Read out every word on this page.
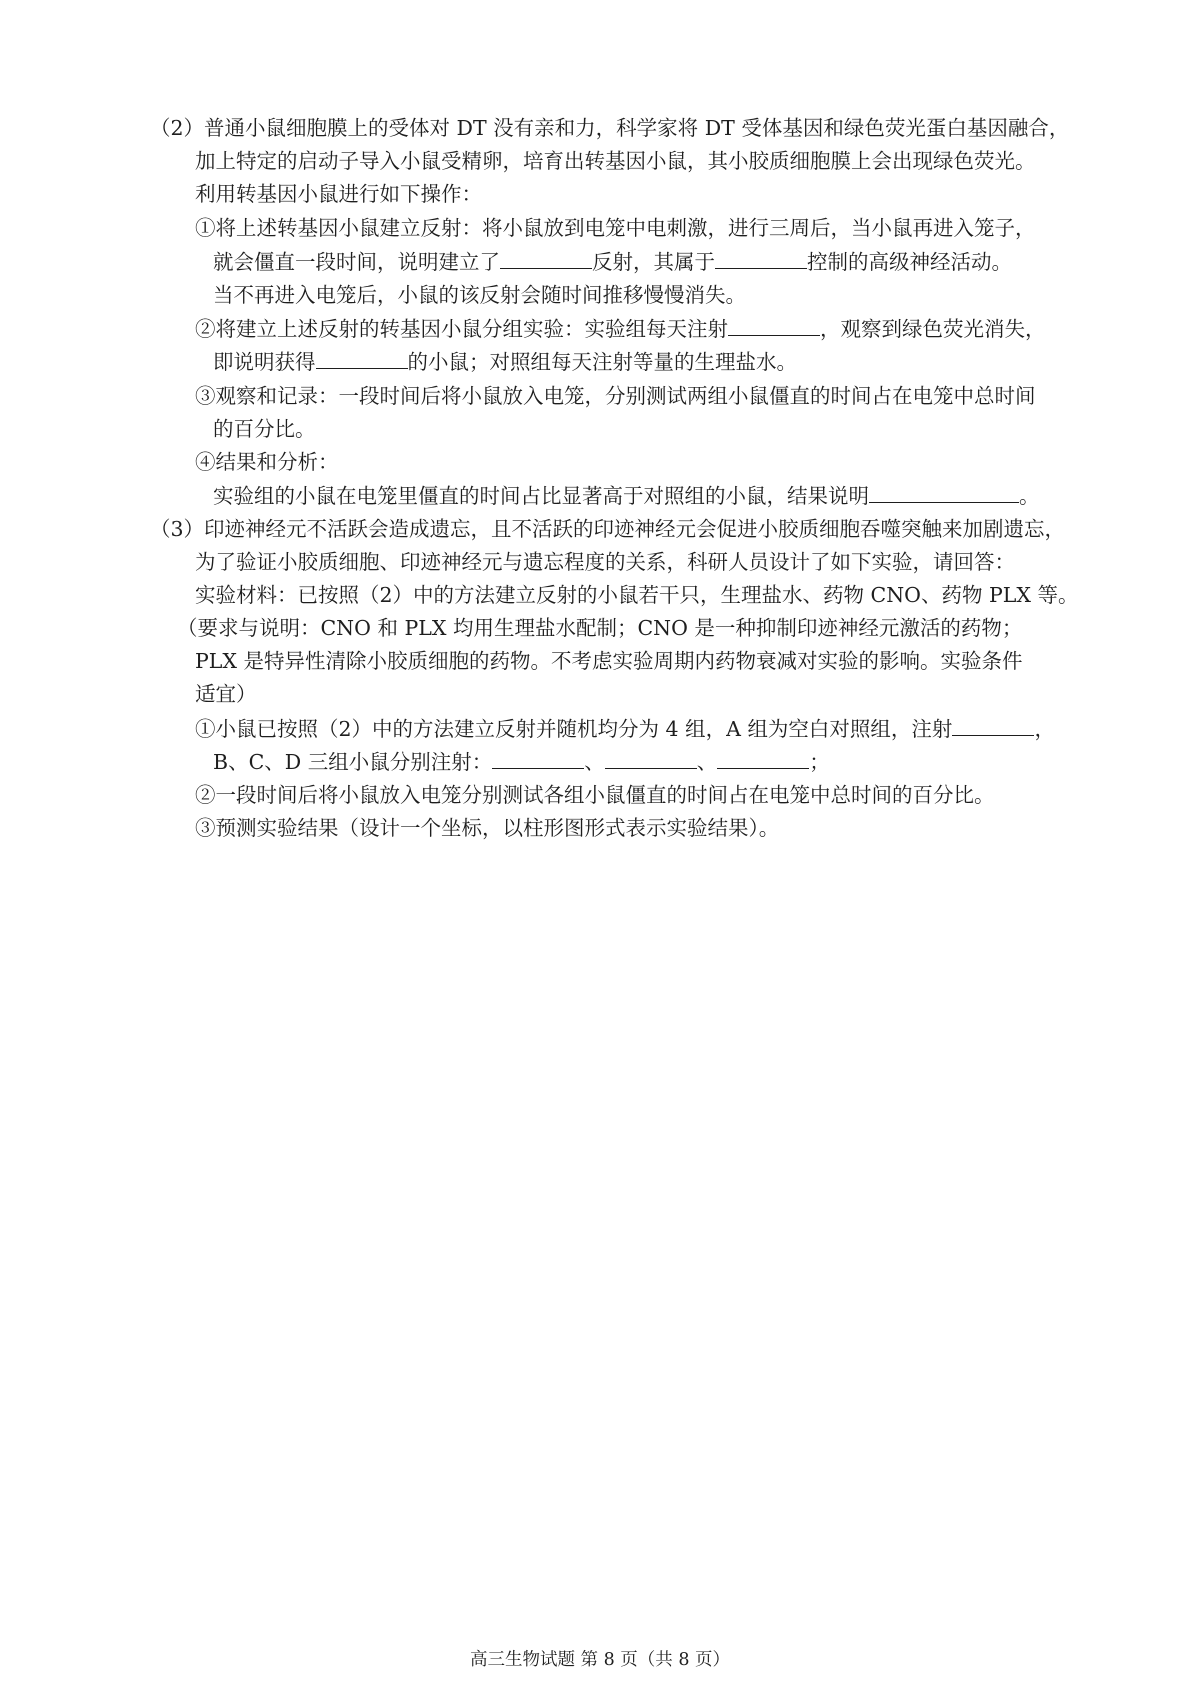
（2）普通小鼠细胞膜上的受体对 DT 没有亲和力，科学家将 DT 受体基因和绿色荧光蛋白基因融合，
加上特定的启动子导入小鼠受精卵，培育出转基因小鼠，其小胶质细胞膜上会出现绿色荧光。
利用转基因小鼠进行如下操作：
①将上述转基因小鼠建立反射：将小鼠放到电笼中电刺激，进行三周后，当小鼠再进入笼子，
就会僵直一段时间，说明建立了	反射，其属于	控制的高级神经活动。
当不再进入电笼后，小鼠的该反射会随时间推移慢慢消失。
②将建立上述反射的转基因小鼠分组实验：实验组每天注射	，观察到绿色荧光消失，
即说明获得	的小鼠；对照组每天注射等量的生理盐水。
③观察和记录：一段时间后将小鼠放入电笼，分别测试两组小鼠僵直的时间占在电笼中总时间
的百分比。
④结果和分析：
实验组的小鼠在电笼里僵直的时间占比显著高于对照组的小鼠，结果说明	。
（3）印迹神经元不活跃会造成遗忘，且不活跃的印迹神经元会促进小胶质细胞吞噬突触来加剧遗忘，
为了验证小胶质细胞、印迹神经元与遗忘程度的关系，科研人员设计了如下实验，请回答：
实验材料：已按照（2）中的方法建立反射的小鼠若干只，生理盐水、药物 CNO、药物 PLX 等。
（要求与说明：CNO 和 PLX 均用生理盐水配制；CNO 是一种抑制印迹神经元激活的药物；
PLX 是特异性清除小胶质细胞的药物。不考虑实验周期内药物衰减对实验的影响。实验条件
适宜）
①小鼠已按照（2）中的方法建立反射并随机均分为 4 组，A 组为空白对照组，注射	，
B、C、D 三组小鼠分别注射：	、	、	；
②一段时间后将小鼠放入电笼分别测试各组小鼠僵直的时间占在电笼中总时间的百分比。
③预测实验结果（设计一个坐标，以柱形图形式表示实验结果）。
高三生物试题 第 8 页（共 8 页）
